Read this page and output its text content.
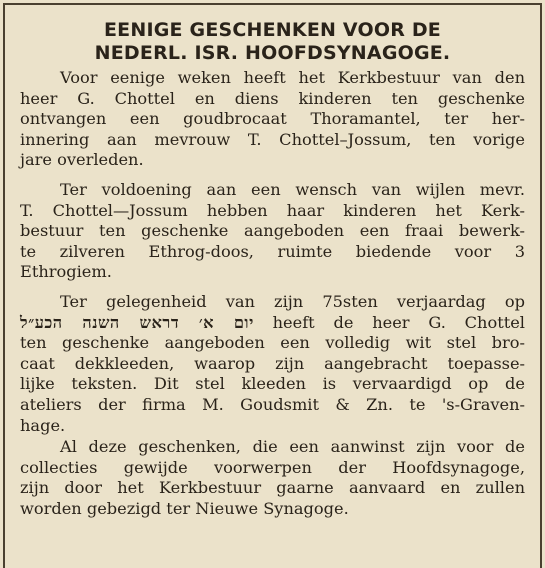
EENIGE GESCHENKEN VOOR DE
NEDERL. ISR. HOOFDSYNAGOGE.

Voor eenige weken heeft het Kerkbestuur van den
heer G. Chottel en diens kinderen ten geschenke
ontvangen een goudbrocaat Thoramantel, ter her-
innering aan mevrouw T. Chottel–Jossum, ten vorige
jare overleden.

Ter voldoening aan een wensch van wijlen mevr.
T. Chottel—Jossum hebben haar kinderen het Kerk-
bestuur ten geschenke aangeboden een fraai bewerk-
te zilveren Ethrog-doos, ruimte biedende voor 3
Ethrogiem.

Ter gelegenheid van zijn 75sten verjaardag op
יום א׳ דראש השנה הכע״ל heeft de heer G. Chottel
ten geschenke aangeboden een volledig wit stel bro-
caat dekkleeden, waarop zijn aangebracht toepasse-
lijke teksten. Dit stel kleeden is vervaardigd op de
ateliers der firma M. Goudsmit & Zn. te 's-Graven-
hage.

Al deze geschenken, die een aanwinst zijn voor de
collecties gewijde voorwerpen der Hoofdsynagoge,
zijn door het Kerkbestuur gaarne aanvaard en zullen
worden gebezigd ter Nieuwe Synagoge.
